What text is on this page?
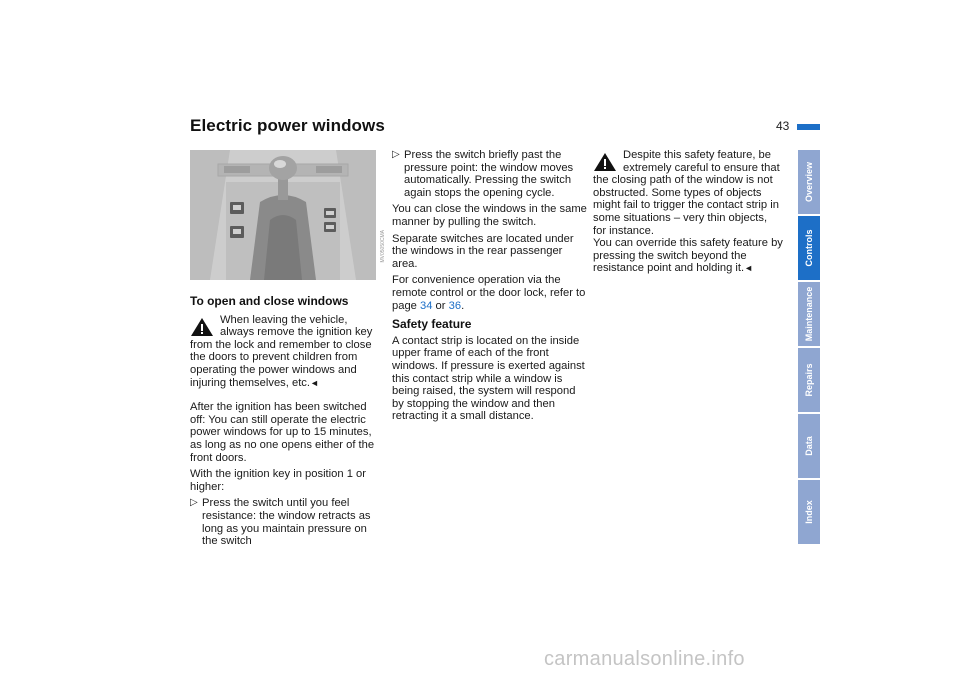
Electric power windows	43
To open and close windows

When leaving the vehicle, always remove the ignition key from the lock and remember to close the doors to prevent children from operating the power windows and injuring themselves, etc.◄

After the ignition has been switched off: You can still operate the electric power windows for up to 15 minutes, as long as no one opens either of the front doors.

With the ignition key in position 1 or higher:

▷ Press the switch until you feel resistance: the window retracts as long as you maintain pressure on the switch
▷ Press the switch briefly past the pressure point: the window moves automatically. Pressing the switch again stops the opening cycle.

You can close the windows in the same manner by pulling the switch.

Separate switches are located under the windows in the rear passenger area.

For convenience operation via the remote control or the door lock, refer to page 34 or 36.

Safety feature

A contact strip is located on the inside upper frame of each of the front windows. If pressure is exerted against this contact strip while a window is being raised, the system will respond by stopping the window and then retracting it a small distance.

Despite this safety feature, be extremely careful to ensure that the closing path of the window is not obstructed. Some types of objects might fail to trigger the contact strip in some situations – very thin objects, for instance.
You can override this safety feature by pressing the switch beyond the resistance point and holding it.◄

MV05050CMA
Overview
Controls
Maintenance
Repairs
Data
Index
carmanualsonline.info
